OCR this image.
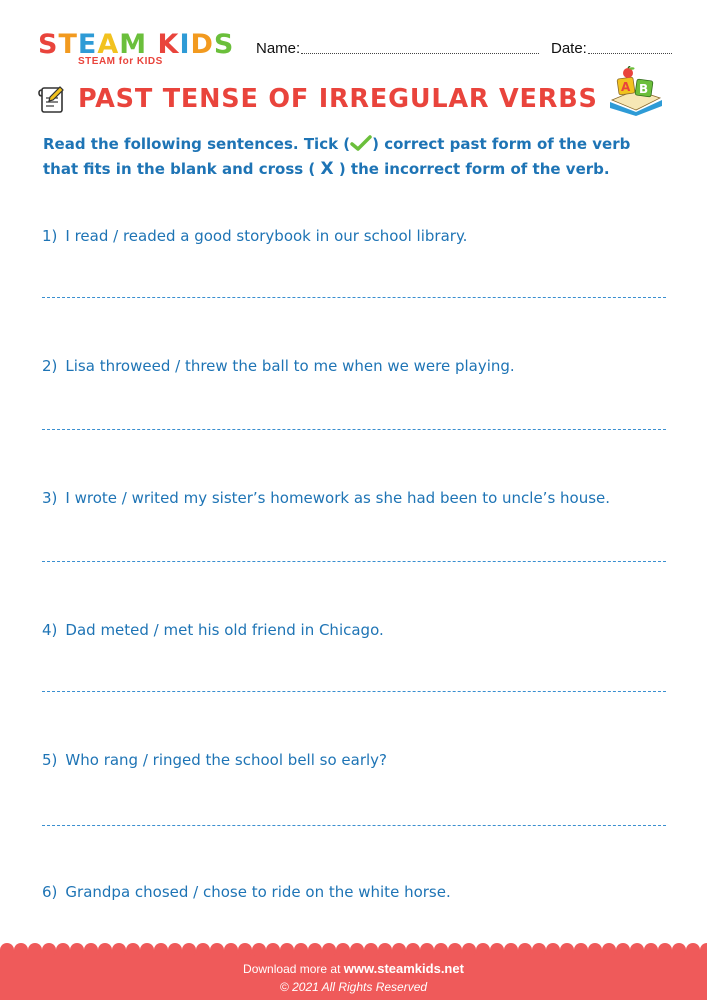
STEAM KIDS
STEAM for KIDS
Name:	Date:
PAST TENSE OF IRREGULAR VERBS A B
Read the following sentences. Tick ( ) correct past form of the verb that fits in the blank and cross ( X ) the incorrect form of the verb.
1) I read / readed a good storybook in our school library.
2) Lisa throweed / threw the ball to me when we were playing.
3) I wrote / writed my sister’s homework as she had been to uncle’s house.
4) Dad meted / met his old friend in Chicago.
5) Who rang / ringed the school bell so early?
6) Grandpa chosed / chose to ride on the white horse.
Download more at www.steamkids.net
© 2021 All Rights Reserved
